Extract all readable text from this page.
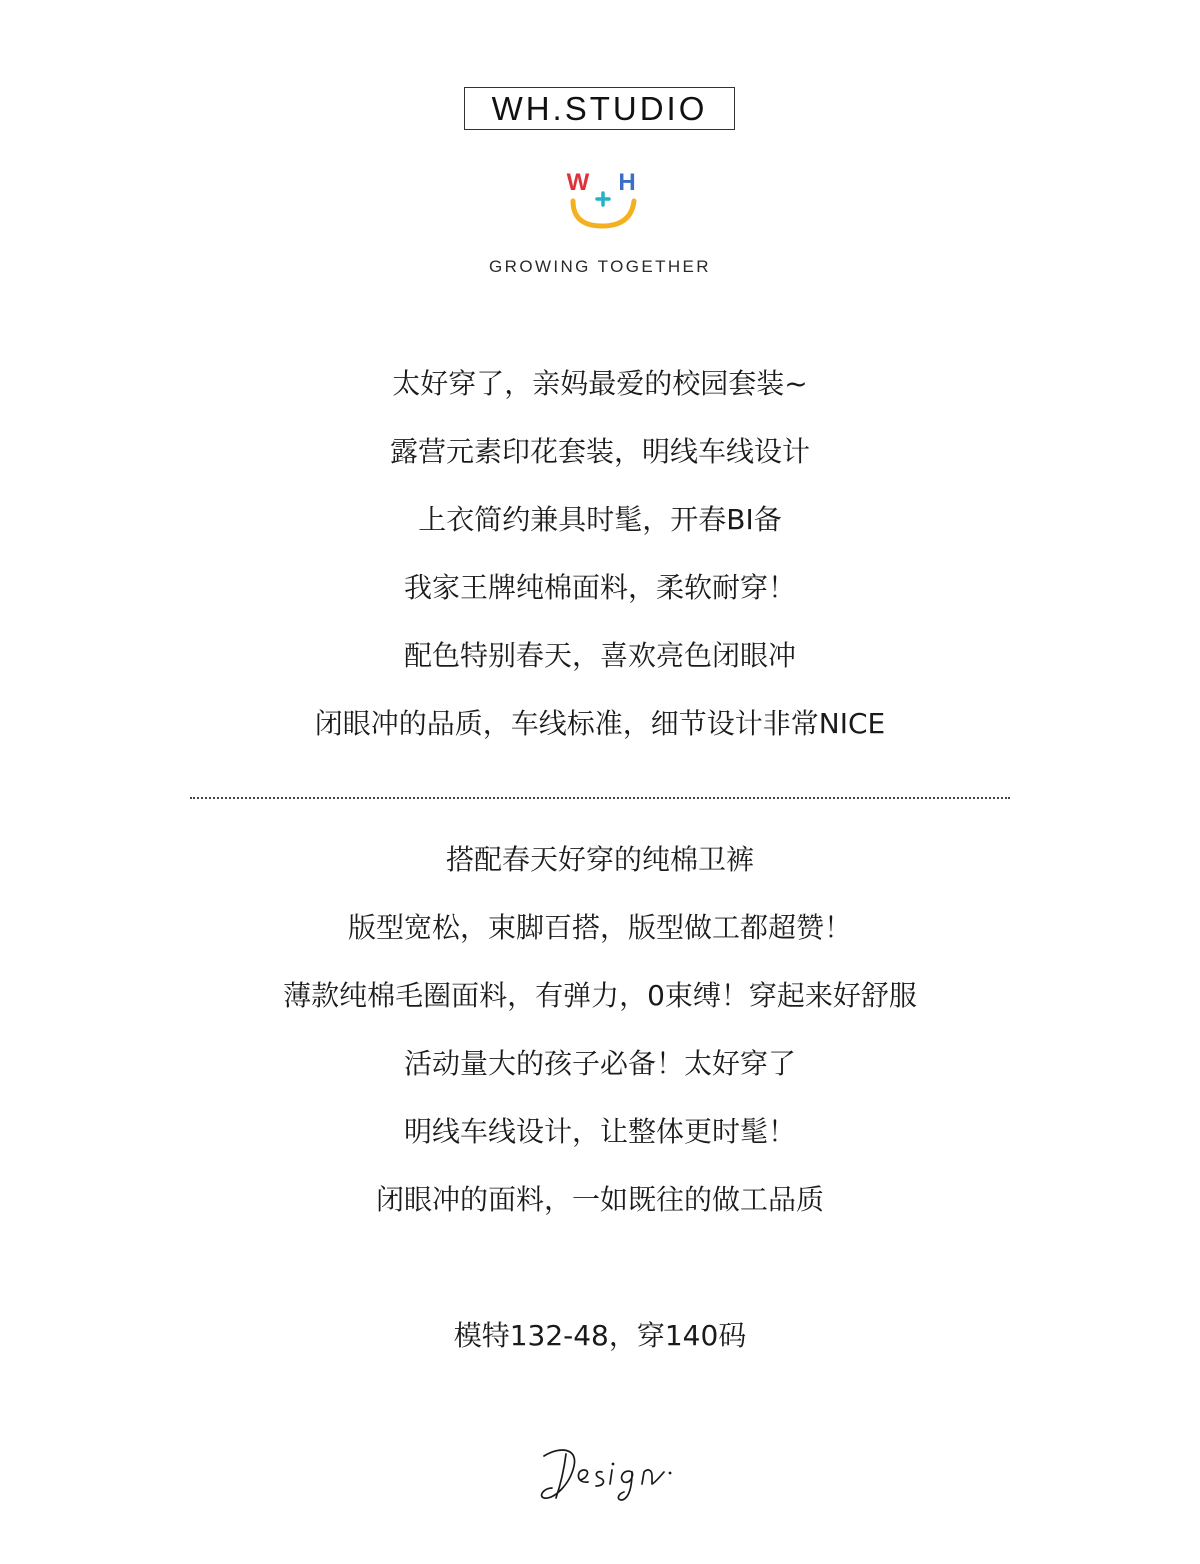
WH.STUDIO
W H
GROWING TOGETHER
太好穿了，亲妈最爱的校园套装~
露营元素印花套装，明线车线设计
上衣简约兼具时髦，开春BI备
我家王牌纯棉面料，柔软耐穿！
配色特别春天，喜欢亮色闭眼冲
闭眼冲的品质，车线标准，细节设计非常NICE
搭配春天好穿的纯棉卫裤
版型宽松，束脚百搭，版型做工都超赞！
薄款纯棉毛圈面料，有弹力，0束缚！穿起来好舒服
活动量大的孩子必备！太好穿了
明线车线设计，让整体更时髦！
闭眼冲的面料，一如既往的做工品质
模特132-48，穿140码
